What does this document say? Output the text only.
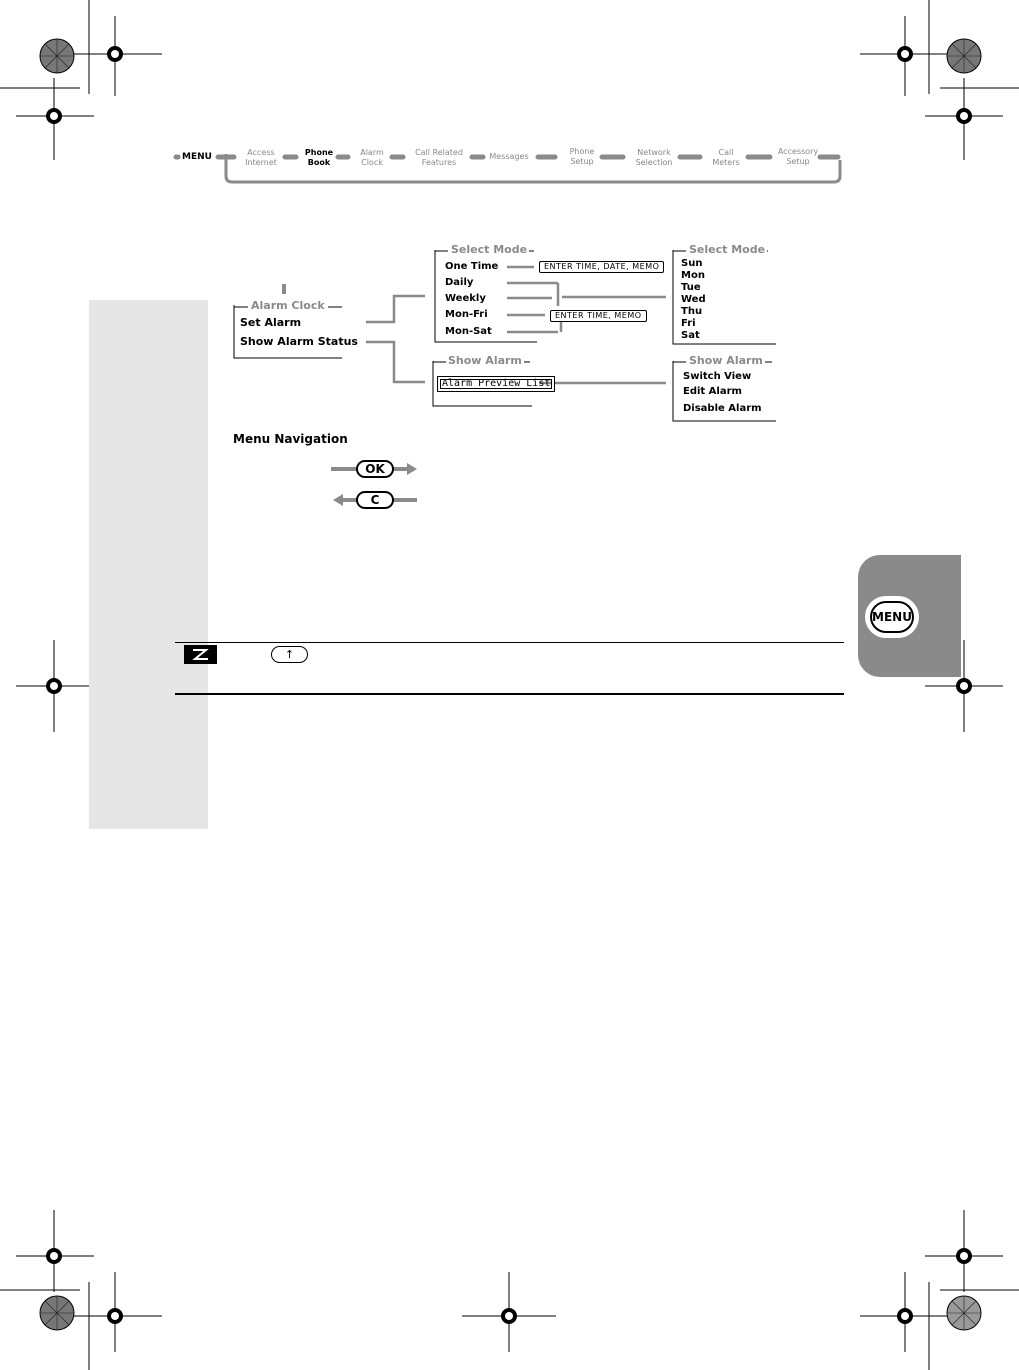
MENU
MENU	Access
Internet
Phone
Book
Alarm
Clock
Call Related
Features
Messages
Phone
Setup
Network
Selection
Call
Meters
Accessory
Setup
Alarm Clock
Set Alarm
Show Alarm Status
Select Mode
One Time
Daily
Weekly
Mon-Fri
Mon-Sat
ENTER TIME, DATE, MEMO
ENTER TIME, MEMO
Select Mode
Sun
Mon
Tue
Wed
Thu
Fri
Sat
Show Alarm
Alarm Preview List
Show Alarm
Switch View
Edit Alarm
Disable Alarm
Menu Navigation
OK
C
↑
